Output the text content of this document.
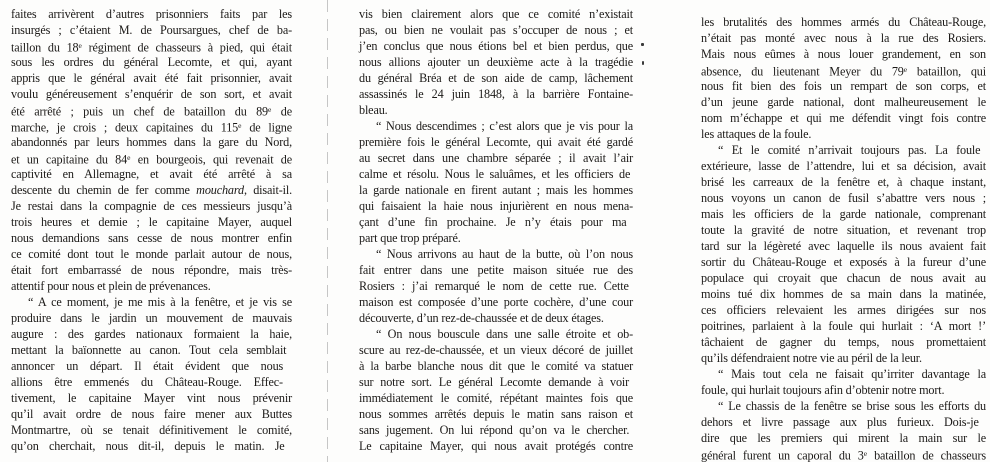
faites arrivèrent d’autres prisonniers faits par les
insurgés ; c’étaient M. de Poursargues, chef de ba-
taillon du 18e régiment de chasseurs à pied, qui était
sous les ordres du général Lecomte, et qui, ayant
appris que le général avait été fait prisonnier, avait
voulu généreusement s’enquérir de son sort, et avait
été arrêté ; puis un chef de bataillon du 89e de
marche, je crois ; deux capitaines du 115e de ligne
abandonnés par leurs hommes dans la gare du Nord,
et un capitaine du 84e en bourgeois, qui revenait de
captivité en Allemagne, et avait été arrêté à sa
descente du chemin de fer comme mouchard, disait-il.
Je restai dans la compagnie de ces messieurs jusqu’à
trois heures et demie ; le capitaine Mayer, auquel
nous demandions sans cesse de nous montrer enfin
ce comité dont tout le monde parlait autour de nous,
était fort embarrassé de nous répondre, mais très-
attentif pour nous et plein de prévenances.
“ A ce moment, je me mis à la fenêtre, et je vis se
produire dans le jardin un mouvement de mauvais
augure : des gardes nationaux formaient la haie,
mettant la baïonnette au canon. Tout cela semblait
annoncer un départ. Il était évident que nous
allions être emmenés du Château-Rouge. Effec-
tivement, le capitaine Mayer vint nous prévenir
qu’il avait ordre de nous faire mener aux Buttes
Montmartre, où se tenait définitivement le comité,
qu’on cherchait, nous dit-il, depuis le matin. Je
vis bien clairement alors que ce comité n’existait
pas, ou bien ne voulait pas s’occuper de nous ; et
j’en conclus que nous étions bel et bien perdus, que
nous allions ajouter un deuxième acte à la tragédie
du général Bréa et de son aide de camp, lâchement
assassinés le 24 juin 1848, à la barrière Fontaine-
bleau.
“ Nous descendimes ; c’est alors que je vis pour la
première fois le général Lecomte, qui avait été gardé
au secret dans une chambre séparée ; il avait l’air
calme et résolu. Nous le saluâmes, et les officiers de
la garde nationale en firent autant ; mais les hommes
qui faisaient la haie nous injurièrent en nous mena-
çant d’une fin prochaine. Je n’y étais pour ma
part que trop préparé.
“ Nous arrivons au haut de la butte, où l’on nous
fait entrer dans une petite maison située rue des
Rosiers : j’ai remarqué le nom de cette rue. Cette
maison est composée d’une porte cochère, d’une cour
découverte, d’un rez-de-chaussée et de deux étages.
“ On nous bouscule dans une salle étroite et ob-
scure au rez-de-chaussée, et un vieux décoré de juillet
à la barbe blanche nous dit que le comité va statuer
sur notre sort. Le général Lecomte demande à voir
immédiatement le comité, répétant maintes fois que
nous sommes arrêtés depuis le matin sans raison et
sans jugement. On lui répond qu’on va le chercher.
Le capitaine Mayer, qui nous avait protégés contre
les brutalités des hommes armés du Château-Rouge,
n’était pas monté avec nous à la rue des Rosiers.
Mais nous eûmes à nous louer grandement, en son
absence, du lieutenant Meyer du 79e bataillon, qui
nous fit bien des fois un rempart de son corps, et
d’un jeune garde national, dont malheureusement le
nom m’échappe et qui me défendit vingt fois contre
les attaques de la foule.
“ Et le comité n’arrivait toujours pas. La foule
extérieure, lasse de l’attendre, lui et sa décision, avait
brisé les carreaux de la fenêtre et, à chaque instant,
nous voyons un canon de fusil s’abattre vers nous ;
mais les officiers de la garde nationale, comprenant
toute la gravité de notre situation, et revenant trop
tard sur la légèreté avec laquelle ils nous avaient fait
sortir du Château-Rouge et exposés à la fureur d’une
populace qui croyait que chacun de nous avait au
moins tué dix hommes de sa main dans la matinée,
ces officiers relevaient les armes dirigées sur nos
poitrines, parlaient à la foule qui hurlait : ‘A mort !’
tâchaient de gagner du temps, nous promettaient
qu’ils défendraient notre vie au péril de la leur.
“ Mais tout cela ne faisait qu’irriter davantage la
foule, qui hurlait toujours afin d’obtenir notre mort.
“ Le chassis de la fenêtre se brise sous les efforts du
dehors et livre passage aux plus furieux. Dois-je
dire que les premiers qui mirent la main sur le
général furent un caporal du 3e bataillon de chasseurs
